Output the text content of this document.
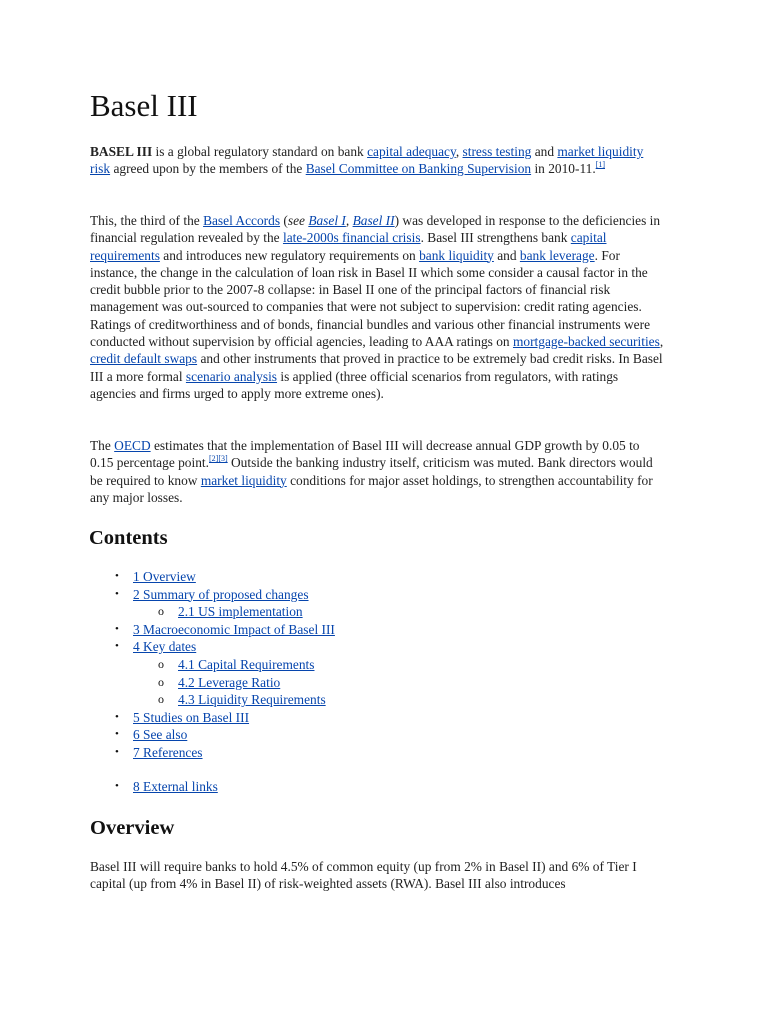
Basel III

BASEL III is a global regulatory standard on bank capital adequacy, stress testing and market liquidity risk agreed upon by the members of the Basel Committee on Banking Supervision in 2010-11.[1]

This, the third of the Basel Accords (see Basel I, Basel II) was developed in response to the deficiencies in financial regulation revealed by the late-2000s financial crisis. Basel III strengthens bank capital requirements and introduces new regulatory requirements on bank liquidity and bank leverage. For instance, the change in the calculation of loan risk in Basel II which some consider a causal factor in the credit bubble prior to the 2007-8 collapse: in Basel II one of the principal factors of financial risk management was out-sourced to companies that were not subject to supervision: credit rating agencies. Ratings of creditworthiness and of bonds, financial bundles and various other financial instruments were conducted without supervision by official agencies, leading to AAA ratings on mortgage-backed securities, credit default swaps and other instruments that proved in practice to be extremely bad credit risks. In Basel III a more formal scenario analysis is applied (three official scenarios from regulators, with ratings agencies and firms urged to apply more extreme ones).

The OECD estimates that the implementation of Basel III will decrease annual GDP growth by 0.05 to 0.15 percentage point.[2][3] Outside the banking industry itself, criticism was muted. Bank directors would be required to know market liquidity conditions for major asset holdings, to strengthen accountability for any major losses.

Contents
• 1 Overview
• 2 Summary of proposed changes
o 2.1 US implementation
• 3 Macroeconomic Impact of Basel III
• 4 Key dates
o 4.1 Capital Requirements
o 4.2 Leverage Ratio
o 4.3 Liquidity Requirements
• 5 Studies on Basel III
• 6 See also
• 7 References
• 8 External links
Overview

Basel III will require banks to hold 4.5% of common equity (up from 2% in Basel II) and 6% of Tier I capital (up from 4% in Basel II) of risk-weighted assets (RWA). Basel III also introduces
